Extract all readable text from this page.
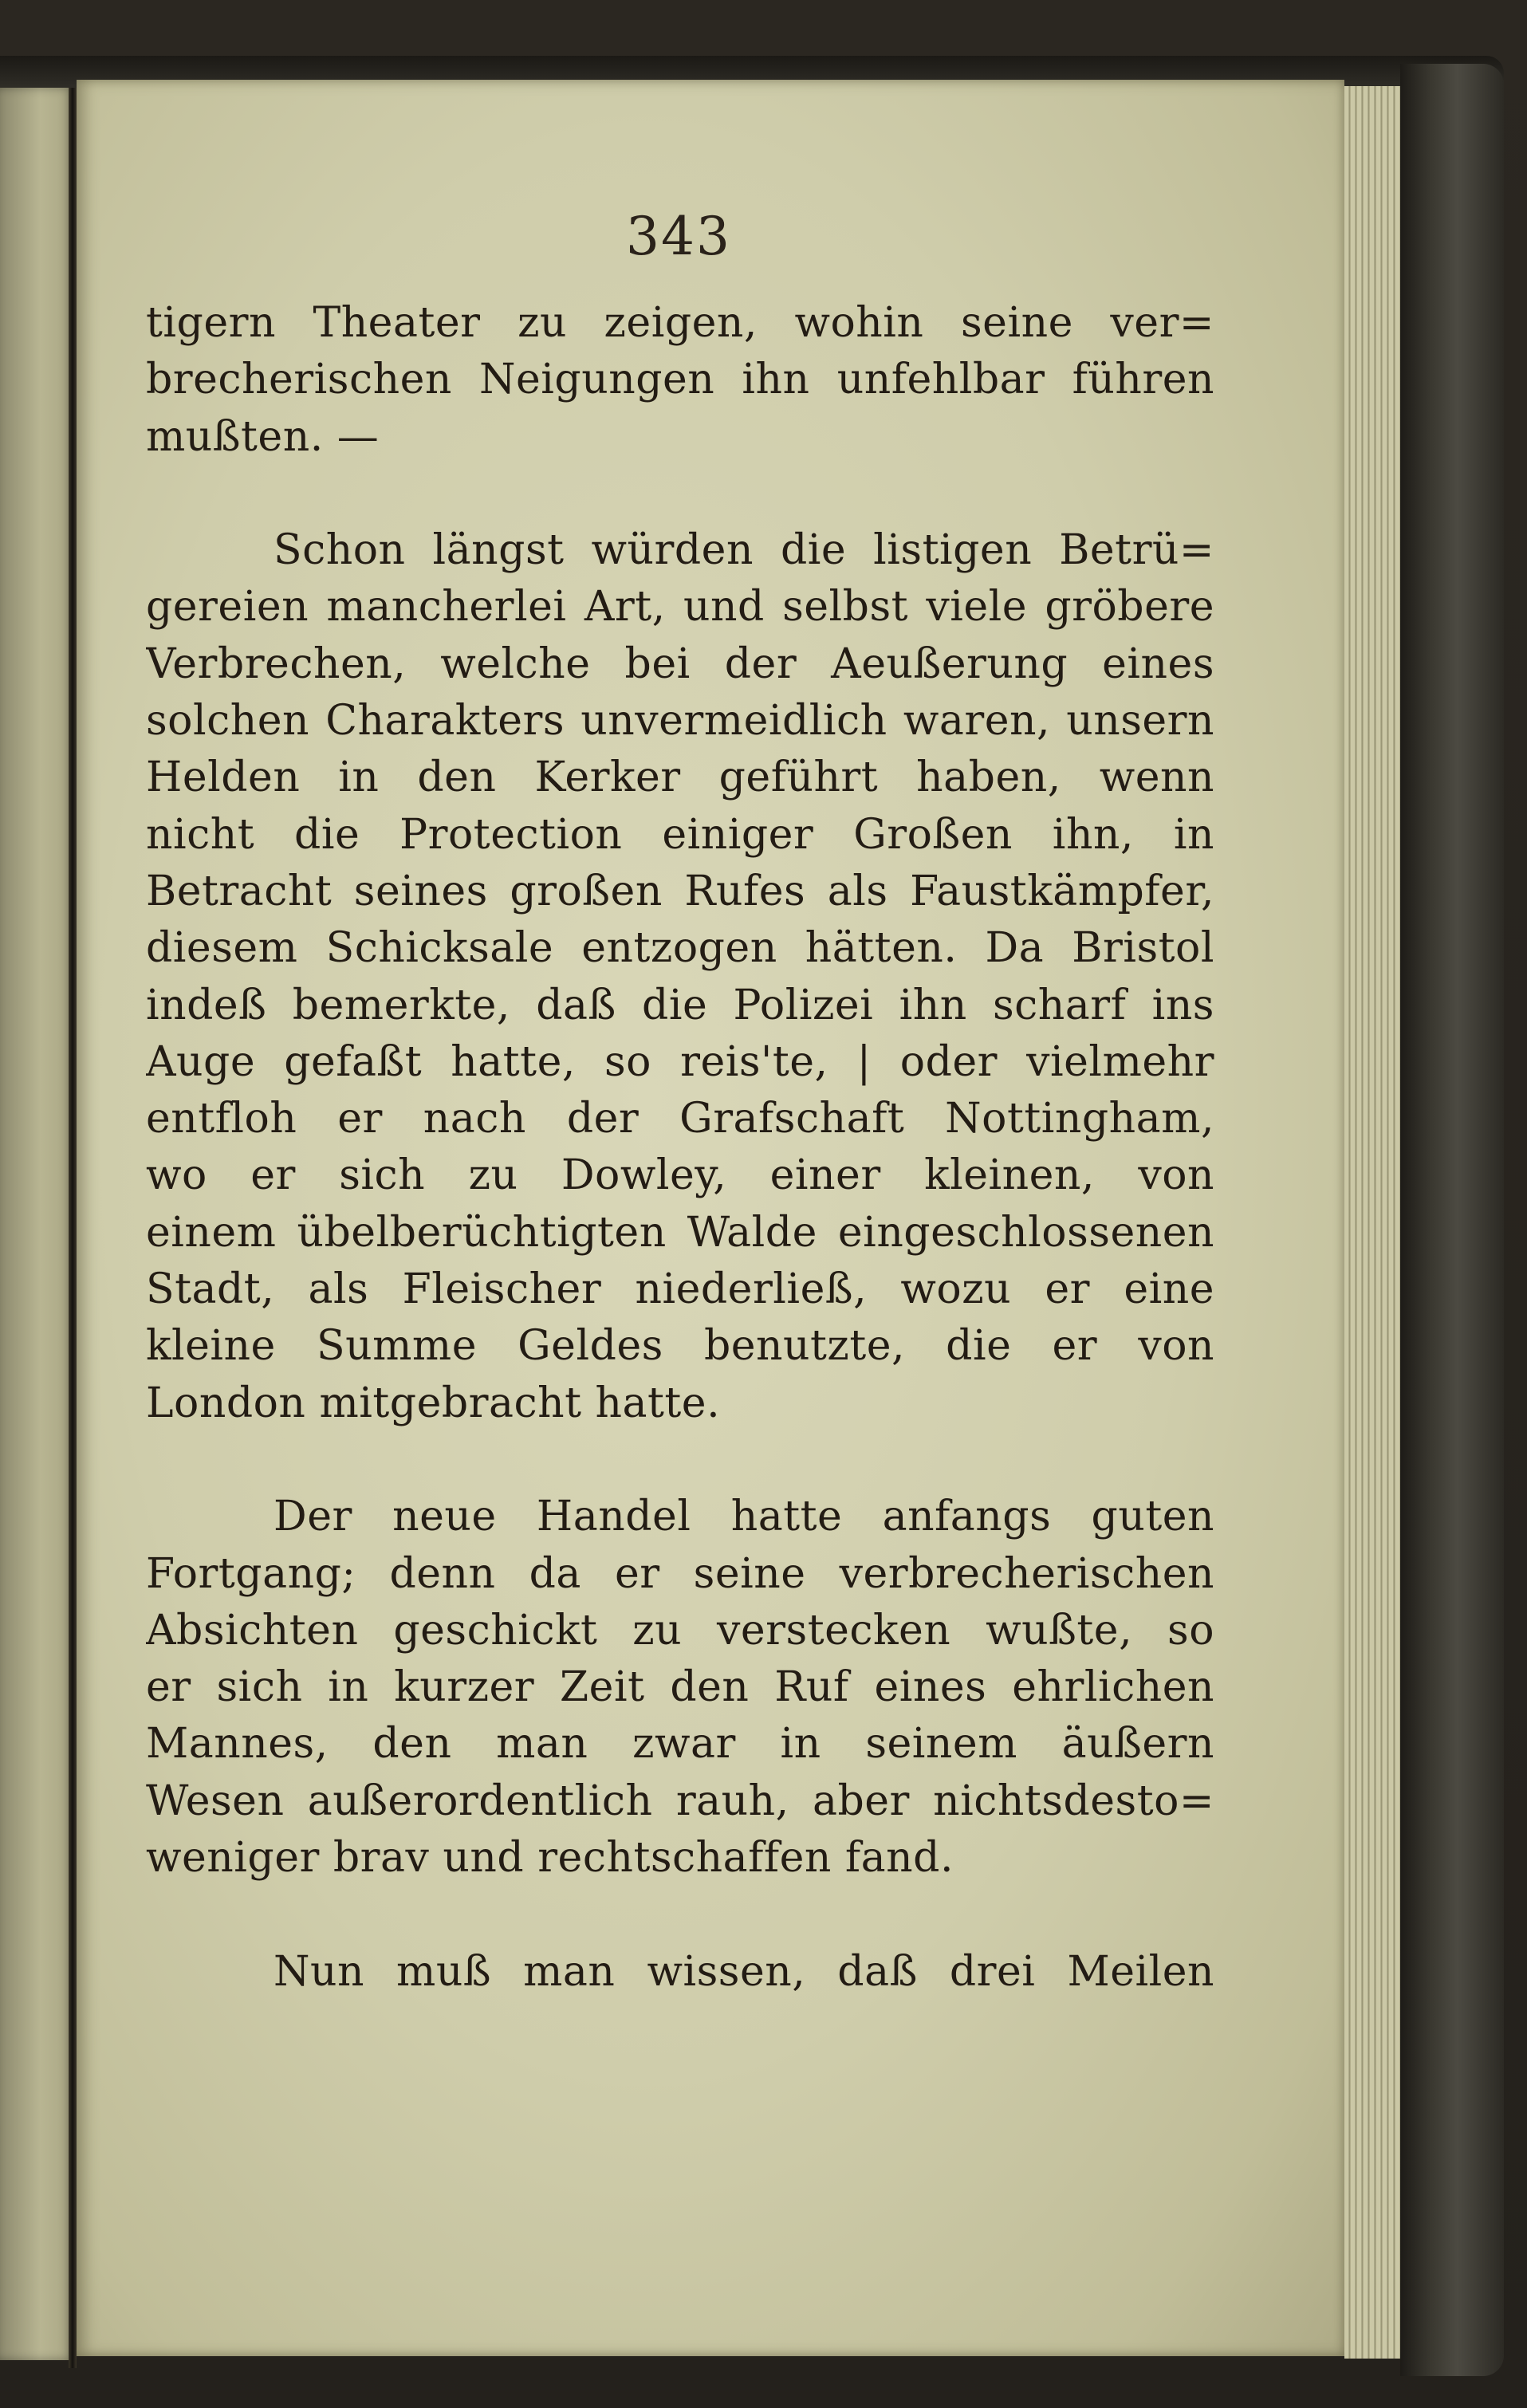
343
tigern Theater zu zeigen, wohin seine ver=
brecherischen Neigungen ihn unfehlbar führen
mußten. —
Schon längst würden die listigen Betrü=
gereien mancherlei Art, und selbst viele gröbere
Verbrechen, welche bei der Aeußerung eines
solchen Charakters unvermeidlich waren, unsern
Helden in den Kerker geführt haben, wenn
nicht die Protection einiger Großen ihn, in
Betracht seines großen Rufes als Faustkämpfer,
diesem Schicksale entzogen hätten. Da Bristol
indeß bemerkte, daß die Polizei ihn scharf ins
Auge gefaßt hatte, so reis'te, | oder vielmehr
entfloh er nach der Grafschaft Nottingham,
wo er sich zu Dowley, einer kleinen, von
einem übelberüchtigten Walde eingeschlossenen
Stadt, als Fleischer niederließ, wozu er eine
kleine Summe Geldes benutzte, die er von
London mitgebracht hatte.
Der neue Handel hatte anfangs guten
Fortgang; denn da er seine verbrecherischen
Absichten geschickt zu verstecken wußte, so
er sich in kurzer Zeit den Ruf eines ehrlichen
Mannes, den man zwar in seinem äußern
Wesen außerordentlich rauh, aber nichtsdesto=
weniger brav und rechtschaffen fand.
Nun muß man wissen, daß drei Meilen
